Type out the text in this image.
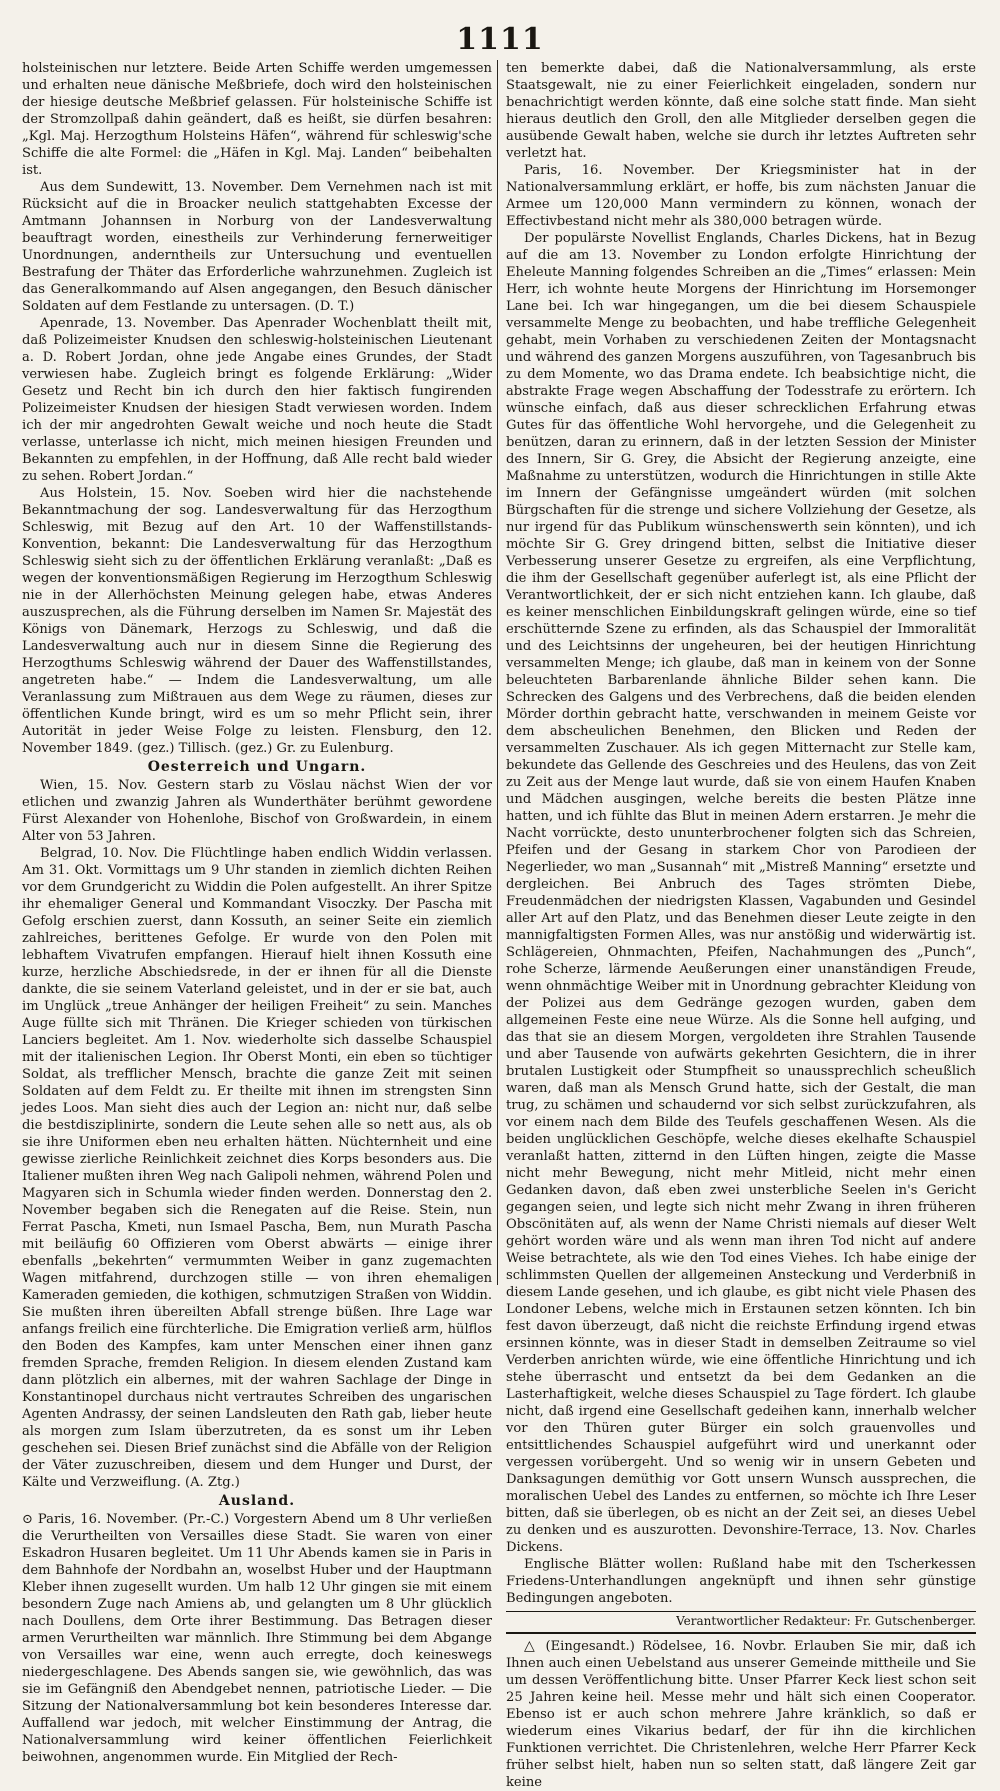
1111

holsteinischen nur letztere. Beide Arten Schiffe werden umgemessen und erhalten neue dänische Meßbriefe, doch wird den holsteinischen der hiesige deutsche Meßbrief gelassen. Für holsteinische Schiffe ist der Stromzollpaß dahin geändert, daß es heißt, sie dürfen besahren: „Kgl. Maj. Herzogthum Holsteins Häfen“, während für schleswig'sche Schiffe die alte Formel: die „Häfen in Kgl. Maj. Landen“ beibehalten ist.

Aus dem Sundewitt, 13. November. Dem Vernehmen nach ist mit Rücksicht auf die in Broacker neulich stattgehabten Excesse der Amtmann Johannsen in Norburg von der Landesverwaltung beauftragt worden, einestheils zur Verhinderung fernerweitiger Unordnungen, anderntheils zur Untersuchung und eventuellen Bestrafung der Thäter das Erforderliche wahrzunehmen. Zugleich ist das Generalkommando auf Alsen angegangen, den Besuch dänischer Soldaten auf dem Festlande zu untersagen. (D. T.)

Apenrade, 13. November. Das Apenrader Wochenblatt theilt mit, daß Polizeimeister Knudsen den schleswig-holsteinischen Lieutenant a. D. Robert Jordan, ohne jede Angabe eines Grundes, der Stadt verwiesen habe. Zugleich bringt es folgende Erklärung: „Wider Gesetz und Recht bin ich durch den hier faktisch fungirenden Polizeimeister Knudsen der hiesigen Stadt verwiesen worden. Indem ich der mir angedrohten Gewalt weiche und noch heute die Stadt verlasse, unterlasse ich nicht, mich meinen hiesigen Freunden und Bekannten zu empfehlen, in der Hoffnung, daß Alle recht bald wieder zu sehen. Robert Jordan.“

Aus Holstein, 15. Nov. Soeben wird hier die nachstehende Bekanntmachung der sog. Landesverwaltung für das Herzogthum Schleswig, mit Bezug auf den Art. 10 der Waffenstillstands-Konvention, bekannt: Die Landesverwaltung für das Herzogthum Schleswig sieht sich zu der öffentlichen Erklärung veranlaßt: „Daß es wegen der konventionsmäßigen Regierung im Herzogthum Schleswig nie in der Allerhöchsten Meinung gelegen habe, etwas Anderes auszusprechen, als die Führung derselben im Namen Sr. Majestät des Königs von Dänemark, Herzogs zu Schleswig, und daß die Landesverwaltung auch nur in diesem Sinne die Regierung des Herzogthums Schleswig während der Dauer des Waffenstillstandes, angetreten habe.“ — Indem die Landesverwaltung, um alle Veranlassung zum Mißtrauen aus dem Wege zu räumen, dieses zur öffentlichen Kunde bringt, wird es um so mehr Pflicht sein, ihrer Autorität in jeder Weise Folge zu leisten. Flensburg, den 12. November 1849. (gez.) Tillisch. (gez.) Gr. zu Eulenburg.

Oesterreich und Ungarn.

Wien, 15. Nov. Gestern starb zu Vöslau nächst Wien der vor etlichen und zwanzig Jahren als Wunderthäter berühmt gewordene Fürst Alexander von Hohenlohe, Bischof von Großwardein, in einem Alter von 53 Jahren.

Belgrad, 10. Nov. Die Flüchtlinge haben endlich Widdin verlassen. Am 31. Okt. Vormittags um 9 Uhr standen in ziemlich dichten Reihen vor dem Grundgericht zu Widdin die Polen aufgestellt. An ihrer Spitze ihr ehemaliger General und Kommandant Visoczky. Der Pascha mit Gefolg erschien zuerst, dann Kossuth, an seiner Seite ein ziemlich zahlreiches, berittenes Gefolge. Er wurde von den Polen mit lebhaftem Vivatrufen empfangen. Hierauf hielt ihnen Kossuth eine kurze, herzliche Abschiedsrede, in der er ihnen für all die Dienste dankte, die sie seinem Vaterland geleistet, und in der er sie bat, auch im Unglück „treue Anhänger der heiligen Freiheit“ zu sein. Manches Auge füllte sich mit Thränen. Die Krieger schieden von türkischen Lanciers begleitet. Am 1. Nov. wiederholte sich dasselbe Schauspiel mit der italienischen Legion. Ihr Oberst Monti, ein eben so tüchtiger Soldat, als trefflicher Mensch, brachte die ganze Zeit mit seinen Soldaten auf dem Feldt zu. Er theilte mit ihnen im strengsten Sinn jedes Loos. Man sieht dies auch der Legion an: nicht nur, daß selbe die bestdisziplinirte, sondern die Leute sehen alle so nett aus, als ob sie ihre Uniformen eben neu erhalten hätten. Nüchternheit und eine gewisse zierliche Reinlichkeit zeichnet dies Korps besonders aus. Die Italiener mußten ihren Weg nach Galipoli nehmen, während Polen und Magyaren sich in Schumla wieder finden werden. Donnerstag den 2. November begaben sich die Renegaten auf die Reise. Stein, nun Ferrat Pascha, Kmeti, nun Ismael Pascha, Bem, nun Murath Pascha mit beiläufig 60 Offizieren vom Oberst abwärts — einige ihrer ebenfalls „bekehrten“ vermummten Weiber in ganz zugemachten Wagen mitfahrend, durchzogen stille — von ihren ehemaligen Kameraden gemieden, die kothigen, schmutzigen Straßen von Widdin. Sie mußten ihren übereilten Abfall strenge büßen. Ihre Lage war anfangs freilich eine fürchterliche. Die Emigration verließ arm, hülflos den Boden des Kampfes, kam unter Menschen einer ihnen ganz fremden Sprache, fremden Religion. In diesem elenden Zustand kam dann plötzlich ein albernes, mit der wahren Sachlage der Dinge in Konstantinopel durchaus nicht vertrautes Schreiben des ungarischen Agenten Andrassy, der seinen Landsleuten den Rath gab, lieber heute als morgen zum Islam überzutreten, da es sonst um ihr Leben geschehen sei. Diesen Brief zunächst sind die Abfälle von der Religion der Väter zuzuschreiben, diesem und dem Hunger und Durst, der Kälte und Verzweiflung. (A. Ztg.)

Ausland.

⊙ Paris, 16. November. (Pr.-C.) Vorgestern Abend um 8 Uhr verließen die Verurtheilten von Versailles diese Stadt. Sie waren von einer Eskadron Husaren begleitet. Um 11 Uhr Abends kamen sie in Paris in dem Bahnhofe der Nordbahn an, woselbst Huber und der Hauptmann Kleber ihnen zugesellt wurden. Um halb 12 Uhr gingen sie mit einem besondern Zuge nach Amiens ab, und gelangten um 8 Uhr glücklich nach Doullens, dem Orte ihrer Bestimmung. Das Betragen dieser armen Verurtheilten war männlich. Ihre Stimmung bei dem Abgange von Versailles war eine, wenn auch erregte, doch keineswegs niedergeschlagene. Des Abends sangen sie, wie gewöhnlich, das was sie im Gefängniß den Abendgebet nennen, patriotische Lieder. — Die Sitzung der Nationalversammlung bot kein besonderes Interesse dar. Auffallend war jedoch, mit welcher Einstimmung der Antrag, die Nationalversammlung wird keiner öffentlichen Feierlichkeit beiwohnen, angenommen wurde. Ein Mitglied der Rech-

ten bemerkte dabei, daß die Nationalversammlung, als erste Staatsgewalt, nie zu einer Feierlichkeit eingeladen, sondern nur benachrichtigt werden könnte, daß eine solche statt finde. Man sieht hieraus deutlich den Groll, den alle Mitglieder derselben gegen die ausübende Gewalt haben, welche sie durch ihr letztes Auftreten sehr verletzt hat.

Paris, 16. November. Der Kriegsminister hat in der Nationalversammlung erklärt, er hoffe, bis zum nächsten Januar die Armee um 120,000 Mann vermindern zu können, wonach der Effectivbestand nicht mehr als 380,000 betragen würde.

Der populärste Novellist Englands, Charles Dickens, hat in Bezug auf die am 13. November zu London erfolgte Hinrichtung der Eheleute Manning folgendes Schreiben an die „Times“ erlassen: Mein Herr, ich wohnte heute Morgens der Hinrichtung im Horsemonger Lane bei. Ich war hingegangen, um die bei diesem Schauspiele versammelte Menge zu beobachten, und habe treffliche Gelegenheit gehabt, mein Vorhaben zu verschiedenen Zeiten der Montagsnacht und während des ganzen Morgens auszuführen, von Tagesanbruch bis zu dem Momente, wo das Drama endete. Ich beabsichtige nicht, die abstrakte Frage wegen Abschaffung der Todesstrafe zu erörtern. Ich wünsche einfach, daß aus dieser schrecklichen Erfahrung etwas Gutes für das öffentliche Wohl hervorgehe, und die Gelegenheit zu benützen, daran zu erinnern, daß in der letzten Session der Minister des Innern, Sir G. Grey, die Absicht der Regierung anzeigte, eine Maßnahme zu unterstützen, wodurch die Hinrichtungen in stille Akte im Innern der Gefängnisse umgeändert würden (mit solchen Bürgschaften für die strenge und sichere Vollziehung der Gesetze, als nur irgend für das Publikum wünschenswerth sein könnten), und ich möchte Sir G. Grey dringend bitten, selbst die Initiative dieser Verbesserung unserer Gesetze zu ergreifen, als eine Verpflichtung, die ihm der Gesellschaft gegenüber auferlegt ist, als eine Pflicht der Verantwortlichkeit, der er sich nicht entziehen kann. Ich glaube, daß es keiner menschlichen Einbildungskraft gelingen würde, eine so tief erschütternde Szene zu erfinden, als das Schauspiel der Immoralität und des Leichtsinns der ungeheuren, bei der heutigen Hinrichtung versammelten Menge; ich glaube, daß man in keinem von der Sonne beleuchteten Barbarenlande ähnliche Bilder sehen kann. Die Schrecken des Galgens und des Verbrechens, daß die beiden elenden Mörder dorthin gebracht hatte, verschwanden in meinem Geiste vor dem abscheulichen Benehmen, den Blicken und Reden der versammelten Zuschauer. Als ich gegen Mitternacht zur Stelle kam, bekundete das Gellende des Geschreies und des Heulens, das von Zeit zu Zeit aus der Menge laut wurde, daß sie von einem Haufen Knaben und Mädchen ausgingen, welche bereits die besten Plätze inne hatten, und ich fühlte das Blut in meinen Adern erstarren. Je mehr die Nacht vorrückte, desto ununterbrochener folgten sich das Schreien, Pfeifen und der Gesang in starkem Chor von Parodieen der Negerlieder, wo man „Susannah“ mit „Mistreß Manning“ ersetzte und dergleichen. Bei Anbruch des Tages strömten Diebe, Freudenmädchen der niedrigsten Klassen, Vagabunden und Gesindel aller Art auf den Platz, und das Benehmen dieser Leute zeigte in den mannigfaltigsten Formen Alles, was nur anstößig und widerwärtig ist. Schlägereien, Ohnmachten, Pfeifen, Nachahmungen des „Punch“, rohe Scherze, lärmende Aeußerungen einer unanständigen Freude, wenn ohnmächtige Weiber mit in Unordnung gebrachter Kleidung von der Polizei aus dem Gedränge gezogen wurden, gaben dem allgemeinen Feste eine neue Würze. Als die Sonne hell aufging, und das that sie an diesem Morgen, vergoldeten ihre Strahlen Tausende und aber Tausende von aufwärts gekehrten Gesichtern, die in ihrer brutalen Lustigkeit oder Stumpfheit so unaussprechlich scheußlich waren, daß man als Mensch Grund hatte, sich der Gestalt, die man trug, zu schämen und schaudernd vor sich selbst zurückzufahren, als vor einem nach dem Bilde des Teufels geschaffenen Wesen. Als die beiden unglücklichen Geschöpfe, welche dieses ekelhafte Schauspiel veranlaßt hatten, zitternd in den Lüften hingen, zeigte die Masse nicht mehr Bewegung, nicht mehr Mitleid, nicht mehr einen Gedanken davon, daß eben zwei unsterbliche Seelen in's Gericht gegangen seien, und legte sich nicht mehr Zwang in ihren früheren Obscönitäten auf, als wenn der Name Christi niemals auf dieser Welt gehört worden wäre und als wenn man ihren Tod nicht auf andere Weise betrachtete, als wie den Tod eines Viehes. Ich habe einige der schlimmsten Quellen der allgemeinen Ansteckung und Verderbniß in diesem Lande gesehen, und ich glaube, es gibt nicht viele Phasen des Londoner Lebens, welche mich in Erstaunen setzen könnten. Ich bin fest davon überzeugt, daß nicht die reichste Erfindung irgend etwas ersinnen könnte, was in dieser Stadt in demselben Zeitraume so viel Verderben anrichten würde, wie eine öffentliche Hinrichtung und ich stehe überrascht und entsetzt da bei dem Gedanken an die Lasterhaftigkeit, welche dieses Schauspiel zu Tage fördert. Ich glaube nicht, daß irgend eine Gesellschaft gedeihen kann, innerhalb welcher vor den Thüren guter Bürger ein solch grauenvolles und entsittlichendes Schauspiel aufgeführt wird und unerkannt oder vergessen vorübergeht. Und so wenig wir in unsern Gebeten und Danksagungen demüthig vor Gott unsern Wunsch aussprechen, die moralischen Uebel des Landes zu entfernen, so möchte ich Ihre Leser bitten, daß sie überlegen, ob es nicht an der Zeit sei, an dieses Uebel zu denken und es auszurotten. Devonshire-Terrace, 13. Nov. Charles Dickens.

Englische Blätter wollen: Rußland habe mit den Tscherkessen Friedens-Unterhandlungen angeknüpft und ihnen sehr günstige Bedingungen angeboten.

Verantwortlicher Redakteur: Fr. Gutschenberger.

△ (Eingesandt.) Rödelsee, 16. Novbr. Erlauben Sie mir, daß ich Ihnen auch einen Uebelstand aus unserer Gemeinde mittheile und Sie um dessen Veröffentlichung bitte. Unser Pfarrer Keck liest schon seit 25 Jahren keine heil. Messe mehr und hält sich einen Cooperator. Ebenso ist er auch schon mehrere Jahre kränklich, so daß er wiederum eines Vikarius bedarf, der für ihn die kirchlichen Funktionen verrichtet. Die Christenlehren, welche Herr Pfarrer Keck früher selbst hielt, haben nun so selten statt, daß längere Zeit gar keine
